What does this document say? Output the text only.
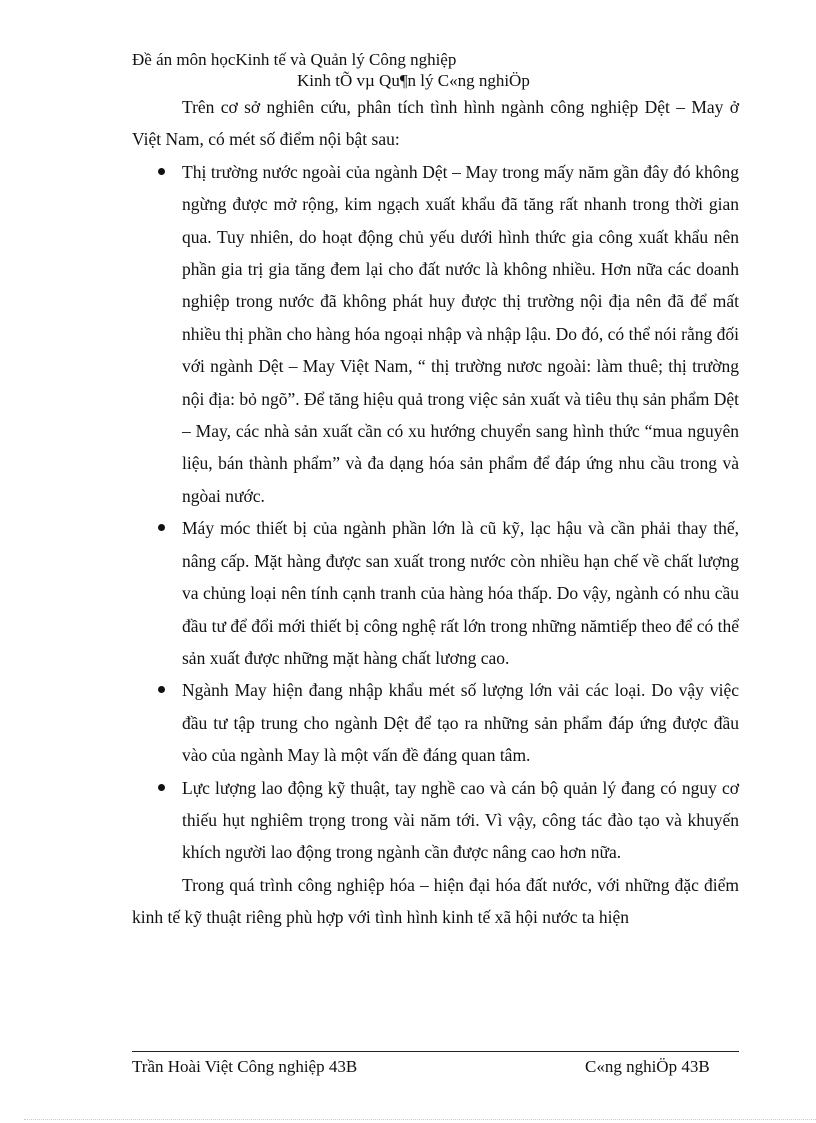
Đề án môn họcKinh tế và Quản lý Công nghiệp
Kinh tÕ vµ Qu¶n lý C«ng nghiÖp

Trên cơ sở nghiên cứu, phân tích tình hình ngành công nghiệp Dệt – May ở Việt Nam, có mét số điểm nội bật sau:

Thị trường nước ngoài của ngành Dệt – May trong mấy năm gần đây đó không ngừng được mở rộng, kim ngạch xuất khẩu đã tăng rất nhanh trong thời gian qua. Tuy nhiên, do hoạt động chủ yếu dưới hình thức gia công xuất khẩu nên phần gia trị gia tăng đem lại cho đất nước là không nhiều. Hơn nữa các doanh nghiệp trong nước đã không phát huy được thị trường nội địa nên đã để mất nhiều thị phần cho hàng hóa ngoại nhập và nhập lậu. Do đó, có thể nói rằng đối với ngành Dệt – May Việt Nam, “ thị trường nươc ngoài: làm thuê; thị trường nội địa: bỏ ngõ”. Để tăng hiệu quả trong việc sản xuất và tiêu thụ sản phẩm Dệt – May, các nhà sản xuất cần có xu hướng chuyển sang hình thức “mua nguyên liệu, bán thành phẩm” và đa dạng hóa sản phẩm để đáp ứng nhu cầu trong và ngòai nước.
Máy móc thiết bị của ngành phần lớn là cũ kỹ, lạc hậu và cần phải thay thế, nâng cấp. Mặt hàng được san xuất trong nước còn nhiều hạn chế về chất lượng va chủng loại nên tính cạnh tranh của hàng hóa thấp. Do vậy, ngành có nhu cầu đầu tư để đổi mới thiết bị công nghệ rất lớn trong những nămtiếp theo để có thể sản xuất được những mặt hàng chất lương cao.
Ngành May hiện đang nhập khẩu mét số lượng lớn vải các loại. Do vậy việc đầu tư tập trung cho ngành Dệt để tạo ra những sản phẩm đáp ứng được đầu vào của ngành May là một vấn đề đáng quan tâm.
Lực lượng lao động kỹ thuật, tay nghề cao và cán bộ quản lý đang có nguy cơ thiếu hụt nghiêm trọng trong vài năm tới. Vì vậy, công tác đào tạo và khuyến khích người lao động trong ngành cần được nâng cao hơn nữa.

Trong quá trình công nghiệp hóa – hiện đại hóa đất nước, với những đặc điểm kinh tế kỹ thuật riêng phù hợp với tình hình kinh tế xã hội nước ta hiện

Trần Hoài Việt Công nghiệp 43B	C«ng nghiÖp 43B
